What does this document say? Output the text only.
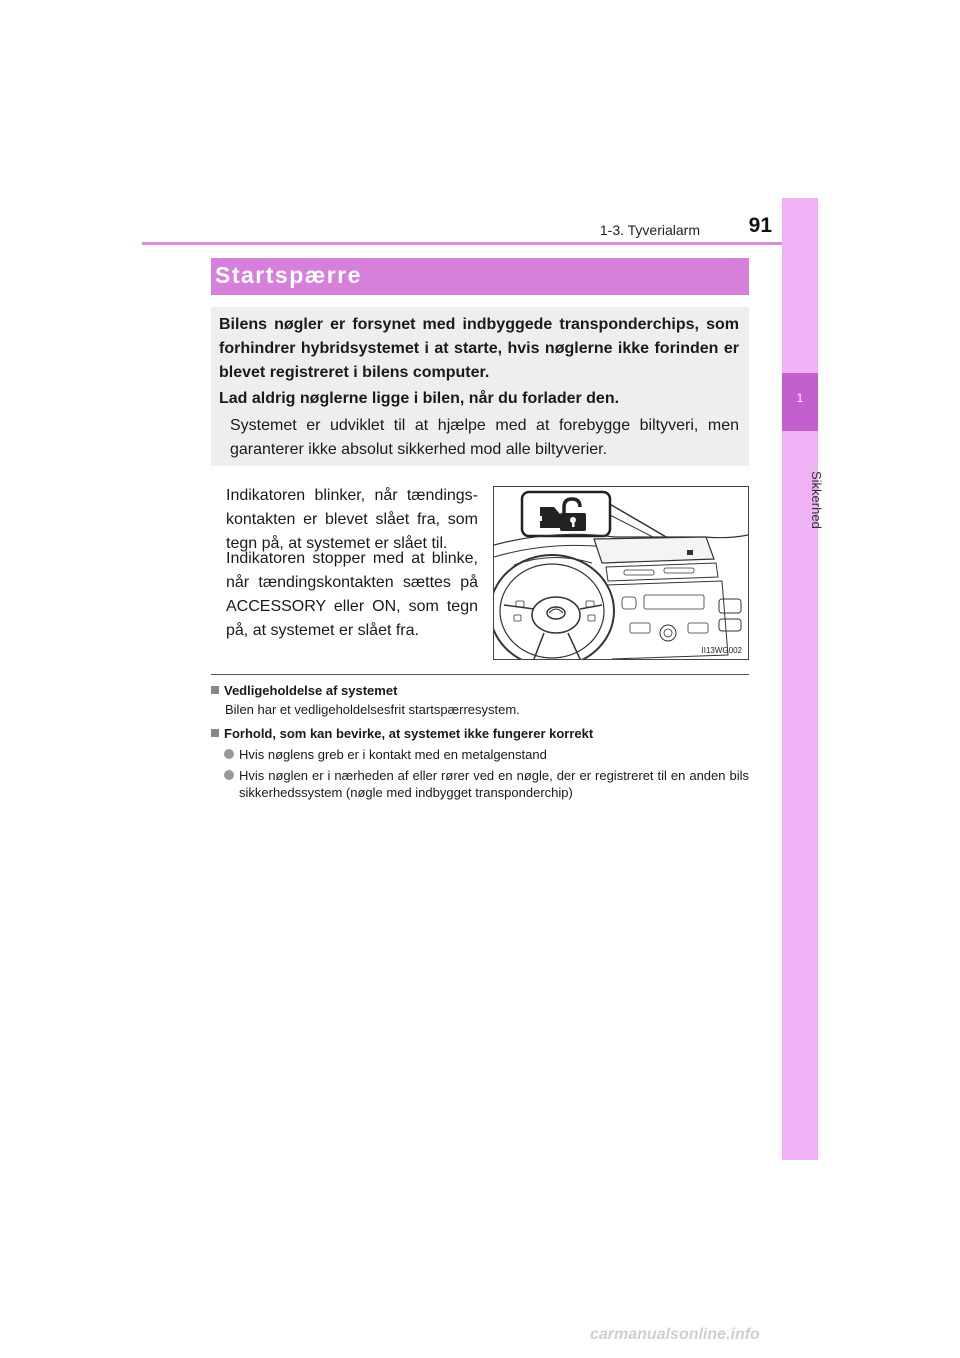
1-3. Tyverialarm	91
1
Sikkerhed
Startspærre
Bilens nøgler er forsynet med indbyggede transponderchips, som forhindrer hybridsystemet i at starte, hvis nøglerne ikke forinden er blevet registreret i bilens computer.
Lad aldrig nøglerne ligge i bilen, når du forlader den.
Systemet er udviklet til at hjælpe med at forebygge biltyveri, men garanterer ikke absolut sikkerhed mod alle biltyverier.
Indikatoren blinker, når tændings-kontakten er blevet slået fra, som tegn på, at systemet er slået til.
Indikatoren stopper med at blinke, når tændingskontakten sættes på ACCESSORY eller ON, som tegn på, at systemet er slået fra.
II13WG002
Vedligeholdelse af systemet
Bilen har et vedligeholdelsesfrit startspærresystem.
Forhold, som kan bevirke, at systemet ikke fungerer korrekt
Hvis nøglens greb er i kontakt med en metalgenstand
Hvis nøglen er i nærheden af eller rører ved en nøgle, der er registreret til en anden bils sikkerhedssystem (nøgle med indbygget transponderchip)
carmanualsonline.info
